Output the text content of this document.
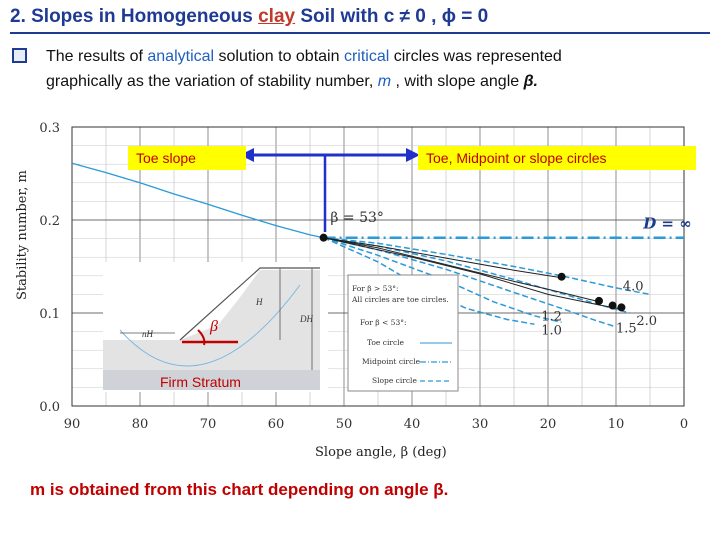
2. Slopes in Homogeneous clay Soil with c ≠ 0 , ϕ = 0
The results of analytical solution to obtain critical circles was represented
graphically as the variation of stability number, m , with slope angle β.
90	80	70	60	50	40	30	20	10	0
0.0
0.1
0.2
0.3
H
DH
nH	β
β = 53°	D = ∞
4.0
2.0
1.5
1.2
1.0
For β > 53°:
All circles are toe circles.
For β < 53°:
Toe circle
Midpoint circle
Slope circle
Slope angle, β (deg)
Stability number, m
Toe slope	Toe, Midpoint or slope circles
Firm Stratum
m is obtained from this chart depending on angle β.
